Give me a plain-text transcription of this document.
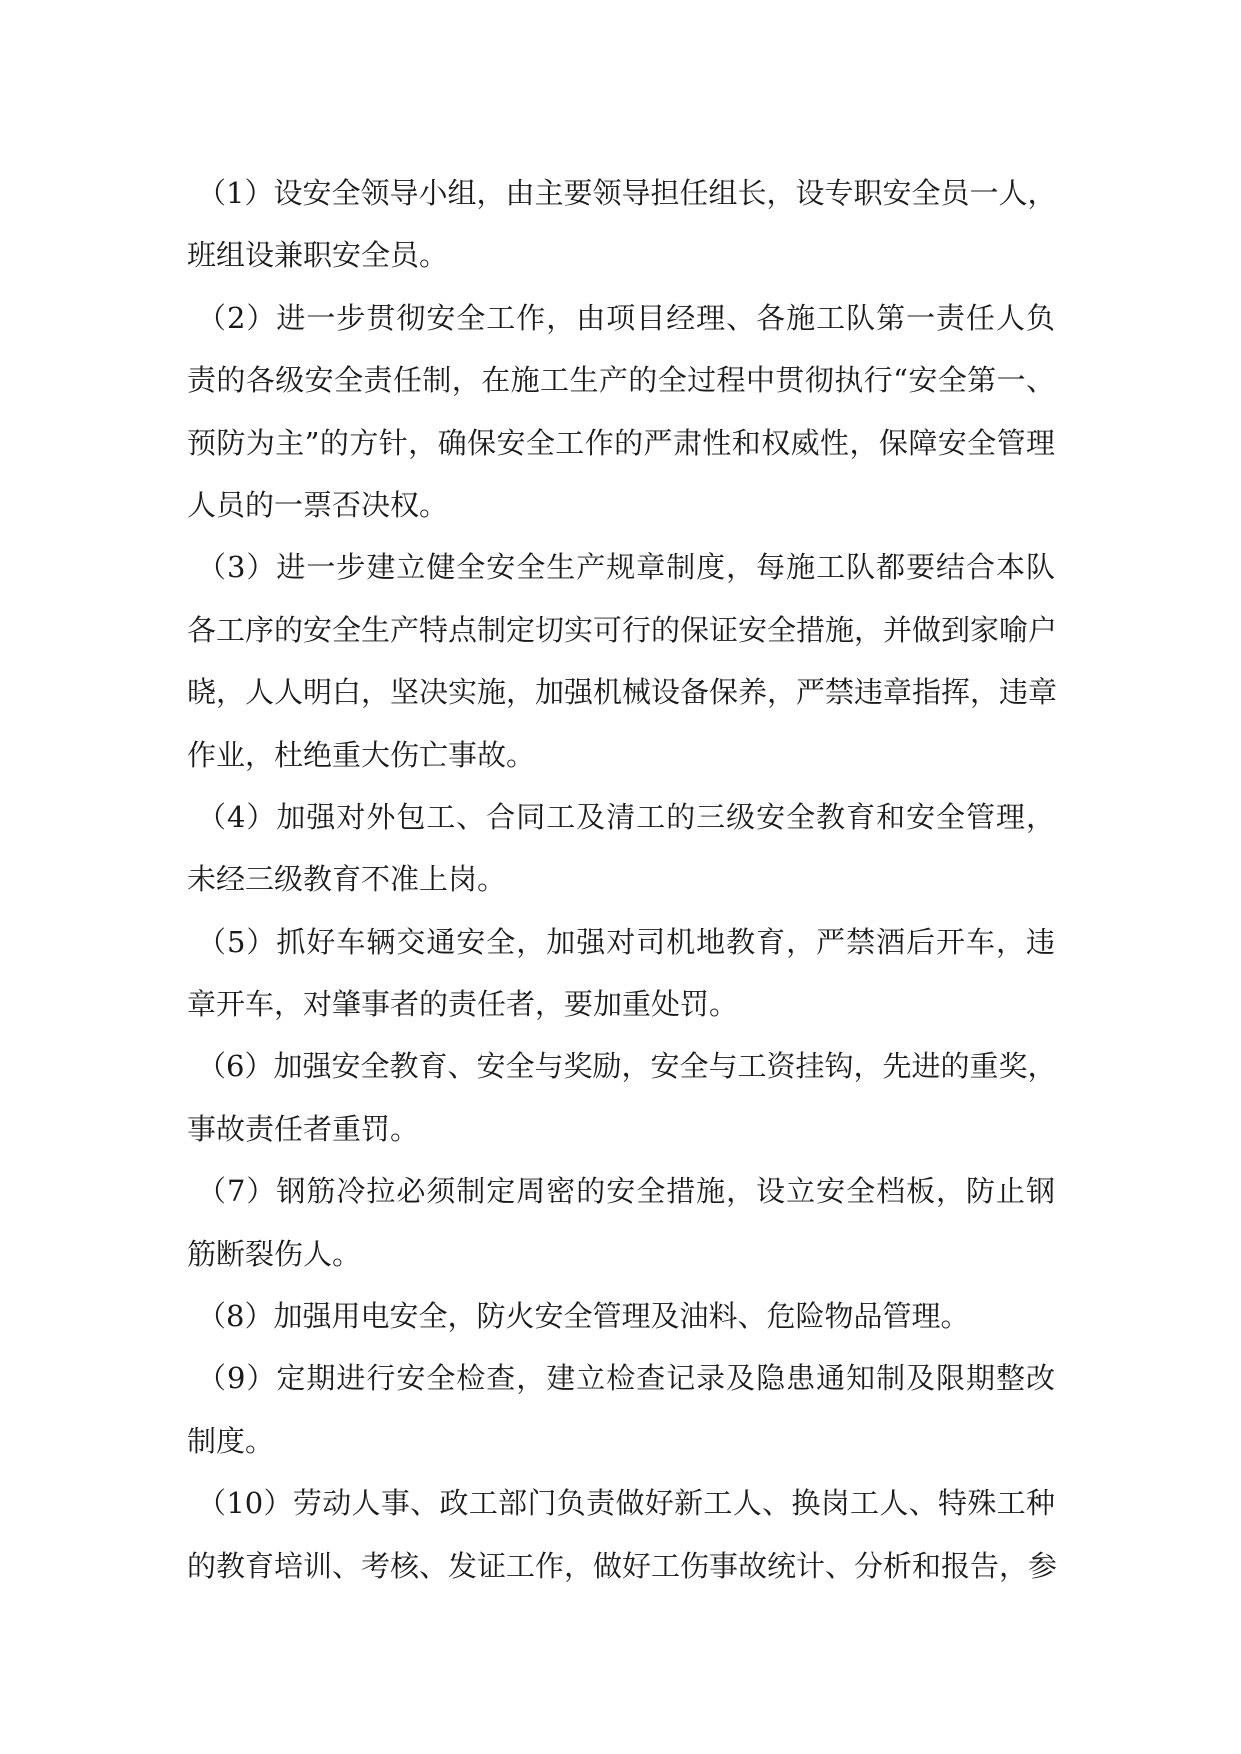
（1）设安全领导小组，由主要领导担任组长，设专职安全员一人，
班组设兼职安全员。
（2）进一步贯彻安全工作，由项目经理、各施工队第一责任人负
责的各级安全责任制，在施工生产的全过程中贯彻执行“安全第一、
预防为主”的方针，确保安全工作的严肃性和权威性，保障安全管理
人员的一票否决权。
（3）进一步建立健全安全生产规章制度，每施工队都要结合本队
各工序的安全生产特点制定切实可行的保证安全措施，并做到家喻户
晓，人人明白，坚决实施，加强机械设备保养，严禁违章指挥，违章
作业，杜绝重大伤亡事故。
（4）加强对外包工、合同工及清工的三级安全教育和安全管理，
未经三级教育不准上岗。
（5）抓好车辆交通安全，加强对司机地教育，严禁酒后开车，违
章开车，对肇事者的责任者，要加重处罚。
（6）加强安全教育、安全与奖励，安全与工资挂钩，先进的重奖，
事故责任者重罚。
（7）钢筋冷拉必须制定周密的安全措施，设立安全档板，防止钢
筋断裂伤人。
（8）加强用电安全，防火安全管理及油料、危险物品管理。
（9）定期进行安全检查，建立检查记录及隐患通知制及限期整改
制度。
（10）劳动人事、政工部门负责做好新工人、换岗工人、特殊工种
的教育培训、考核、发证工作，做好工伤事故统计、分析和报告，参
